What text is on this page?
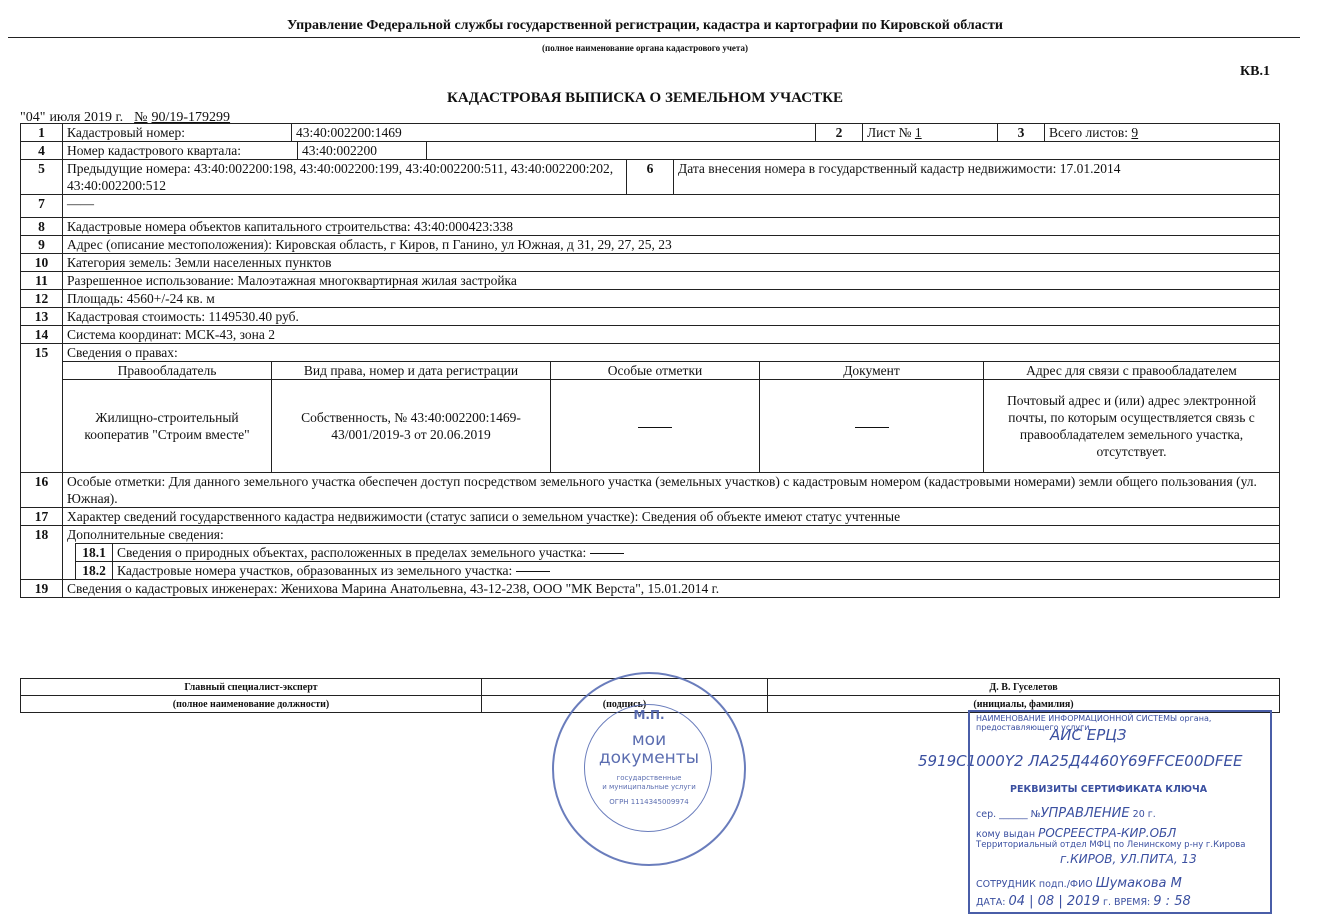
Управление Федеральной службы государственной регистрации, кадастра и картографии по Кировской области
(полное наименование органа кадастрового учета)
КВ.1
КАДАСТРОВАЯ ВЫПИСКА О ЗЕМЕЛЬНОМ УЧАСТКЕ
"04" июля 2019 г. № 90/19-179299
1	Кадастровый номер:	43:40:002200:1469	2	Лист № 1	3	Всего листов: 9

4	Номер кадастрового квартала:	43:40:002200

5	Предыдущие номера: 43:40:002200:198, 43:40:002200:199, 43:40:002200:511, 43:40:002200:202, 43:40:002200:512
6	Дата внесения номера в государственный кадастр недвижимости: 17.01.2014

7	——
8	Кадастровые номера объектов капитального строительства: 43:40:000423:338
9	Адрес (описание местоположения): Кировская область, г Киров, п Ганино, ул Южная, д 31, 29, 27, 25, 23
10	Категория земель: Земли населенных пунктов
11	Разрешенное использование: Малоэтажная многоквартирная жилая застройка
12	Площадь: 4560+/-24 кв. м
13	Кадастровая стоимость: 1149530.40 руб.
14	Система координат: МСК-43, зона 2
15	Сведения о правах:
Правообладатель	Вид права, номер и дата регистрации	Особые отметки	Документ	Адрес для связи с правообладателем
Жилищно-строительный кооператив "Строим вместе"	Собственность, № 43:40:002200:1469-43/001/2019-3 от 20.06.2019			Почтовый адрес и (или) адрес электронной почты, по которым осуществляется связь с правообладателем земельного участка, отсутствует.

16	Особые отметки: Для данного земельного участка обеспечен доступ посредством земельного участка (земельных участков) с кадастровым номером (кадастровыми номерами) земли общего пользования (ул. Южная).
17	Характер сведений государственного кадастра недвижимости (статус записи о земельном участке): Сведения об объекте имеют статус учтенные
18	Дополнительные сведения:
18.1 Сведения о природных объектах, расположенных в пределах земельного участка:
18.2 Кадастровые номера участков, образованных из земельного участка:

19	Сведения о кадастровых инженерах: Женихова Марина Анатольевна, 43-12-238, ООО "МК Верста", 15.01.2014 г.
Главный специалист-эксперт		Д. В. Гуселетов
(полное наименование должности)	(подпись)	(инициалы, фамилия)
М.П.
мои
документы
государственные
и муниципальные услуги
ОГРН 1114345009974
5919C1000Y2 ЛА25Д4460Y69FFCE00DFEE
НАИМЕНОВАНИЕ ИНФОРМАЦИОННОЙ СИСТЕМЫ органа, предоставляющего услуги
АИС ЕРЦЗ
РЕКВИЗИТЫ СЕРТИФИКАТА КЛЮЧА
сер. ______ №УПРАВЛЕНИЕ 20 г.
кому выдан РОСРЕЕСТРА-КИР.ОБЛ
Территориальный отдел МФЦ по Ленинскому р-ну г.Кирова
г.КИРОВ, УЛ.ПИТА, 13
СОТРУДНИК подп./ФИО Шумакова М
ДАТА: 04 | 08 | 2019 г. ВРЕМЯ: 9 : 58
